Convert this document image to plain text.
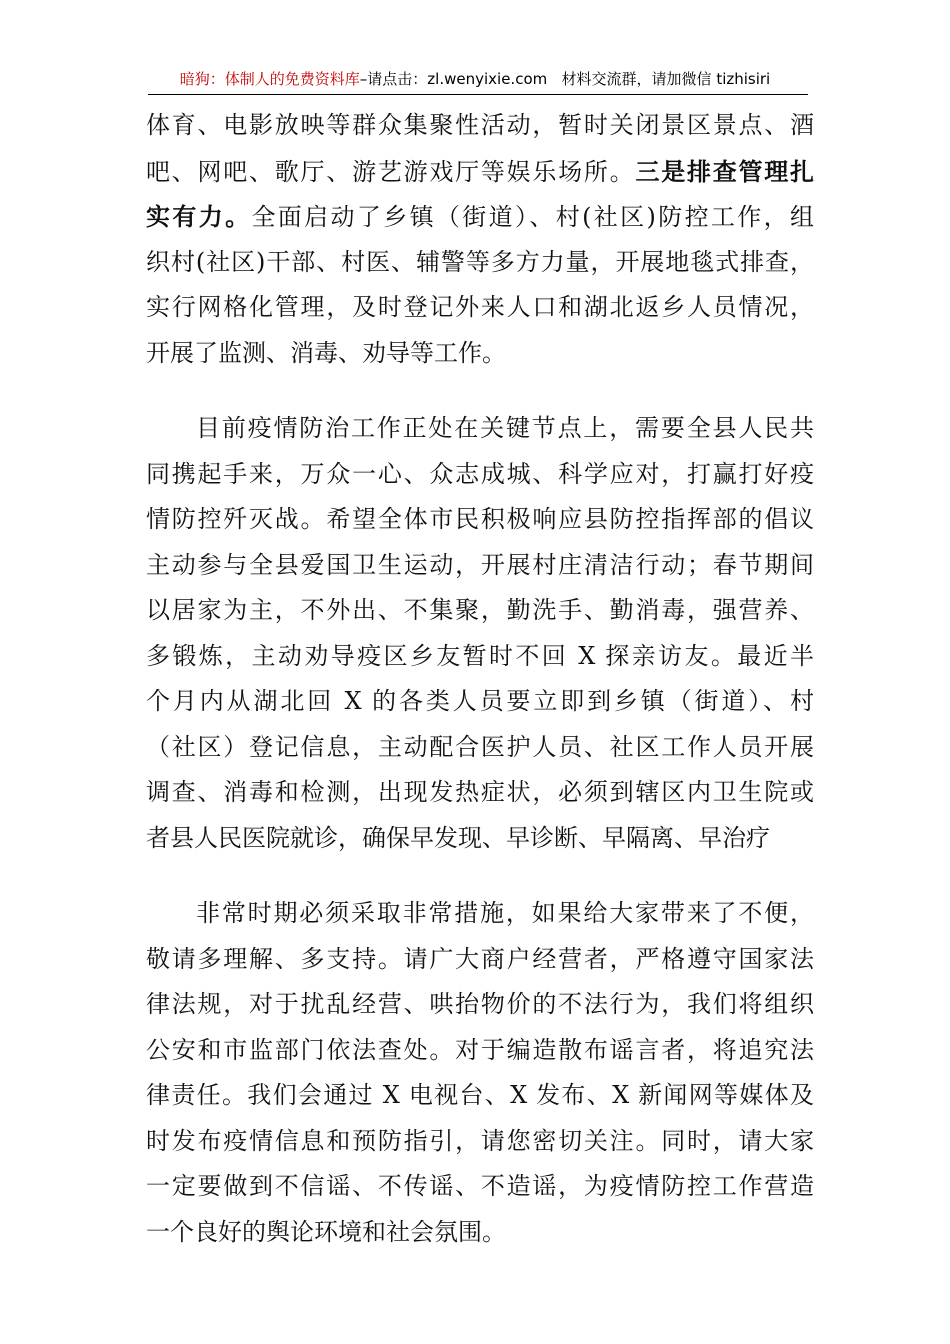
暗狗：体制人的免费资料库–请点击：zl.wenyixie.com 材料交流群，请加微信 tizhisiri
体育、电影放映等群众集聚性活动，暂时关闭景区景点、酒
吧、网吧、歌厅、游艺游戏厅等娱乐场所。三是排查管理扎
实有力。全面启动了乡镇（街道）、村(社区)防控工作，组
织村(社区)干部、村医、辅警等多方力量，开展地毯式排查，
实行网格化管理，及时登记外来人口和湖北返乡人员情况，
开展了监测、消毒、劝导等工作。
目前疫情防治工作正处在关键节点上，需要全县人民共
同携起手来，万众一心、众志成城、科学应对，打赢打好疫
情防控歼灭战。希望全体市民积极响应县防控指挥部的倡议
主动参与全县爱国卫生运动，开展村庄清洁行动；春节期间
以居家为主，不外出、不集聚，勤洗手、勤消毒，强营养、
多锻炼，主动劝导疫区乡友暂时不回 X 探亲访友。最近半
个月内从湖北回 X 的各类人员要立即到乡镇（街道）、村
（社区）登记信息，主动配合医护人员、社区工作人员开展
调查、消毒和检测，出现发热症状，必须到辖区内卫生院或
者县人民医院就诊，确保早发现、早诊断、早隔离、早治疗
非常时期必须采取非常措施，如果给大家带来了不便，
敬请多理解、多支持。请广大商户经营者，严格遵守国家法
律法规，对于扰乱经营、哄抬物价的不法行为，我们将组织
公安和市监部门依法查处。对于编造散布谣言者，将追究法
律责任。我们会通过 X 电视台、X 发布、X 新闻网等媒体及
时发布疫情信息和预防指引，请您密切关注。同时，请大家
一定要做到不信谣、不传谣、不造谣，为疫情防控工作营造
一个良好的舆论环境和社会氛围。
